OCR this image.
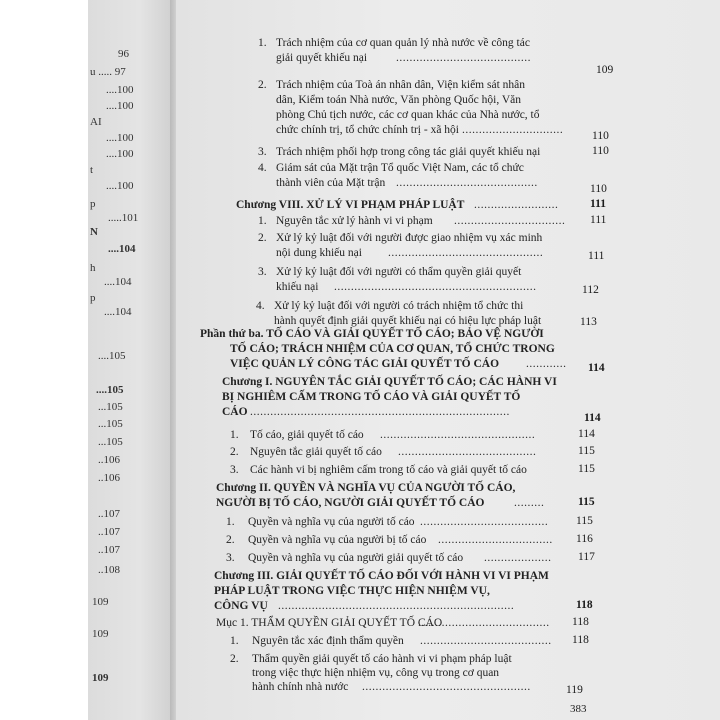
96
u ..... 97
....100
....100
AI
....100
....100
t
....100
p
.....101
N
....104
h
....104
p
....104
....105
....105
...105
...105
...105
..106
..106
..107
..107
..107
..108
109
109
109
1. Trách nhiệm của cơ quan quản lý nhà nước về công tác
giải quyết khiếu nại	........................................
109
2. Trách nhiệm của Toà án nhân dân, Viện kiểm sát nhân
dân, Kiểm toán Nhà nước, Văn phòng Quốc hội, Văn
phòng Chủ tịch nước, các cơ quan khác của Nhà nước, tổ
chức chính trị, tổ chức chính trị - xã hội ..............................	110
3. Trách nhiệm phối hợp trong công tác giải quyết khiếu nại	110
4. Giám sát của Mặt trận Tổ quốc Việt Nam, các tổ chức
thành viên của Mặt trận ..........................................	110
Chương VIII. XỬ LÝ VI PHẠM PHÁP LUẬT .........................	111
1. Nguyên tắc xử lý hành vi vi phạm ................................. 111
2. Xử lý kỷ luật đối với người được giao nhiệm vụ xác minh
nội dung khiếu nại ..............................................	111
3. Xử lý kỷ luật đối với người có thẩm quyền giải quyết
khiếu nại ............................................................	112
4. Xử lý kỷ luật đối với người có trách nhiệm tổ chức thi
hành quyết định giải quyết khiếu nại có hiệu lực pháp luật	113
Phần thứ ba. TỐ CÁO VÀ GIẢI QUYẾT TỐ CÁO; BẢO VỆ NGƯỜI
TỐ CÁO; TRÁCH NHIỆM CỦA CƠ QUAN, TỔ CHỨC TRONG
VIỆC QUẢN LÝ CÔNG TÁC GIẢI QUYẾT TỐ CÁO ............ 114
Chương I. NGUYÊN TẮC GIẢI QUYẾT TỐ CÁO; CÁC HÀNH VI
BỊ NGHIÊM CẤM TRONG TỐ CÁO VÀ GIẢI QUYẾT TỐ
CÁO .............................................................................	114
1. Tố cáo, giải quyết tố cáo ..............................................	114
2. Nguyên tắc giải quyết tố cáo .........................................	115
3. Các hành vi bị nghiêm cấm trong tố cáo và giải quyết tố cáo	115
Chương II. QUYỀN VÀ NGHĨA VỤ CỦA NGƯỜI TỐ CÁO,
NGƯỜI BỊ TỐ CÁO, NGƯỜI GIẢI QUYẾT TỐ CÁO	.........	115
1. Quyền và nghĩa vụ của người tố cáo ...................................... 115
2. Quyền và nghĩa vụ của người bị tố cáo .................................. 116
3. Quyền và nghĩa vụ của người giải quyết tố cáo .................... 117
Chương III. GIẢI QUYẾT TỐ CÁO ĐỐI VỚI HÀNH VI VI PHẠM
PHÁP LUẬT TRONG VIỆC THỰC HIỆN NHIỆM VỤ,
CÔNG VỤ ......................................................................	118
Mục 1. THẨM QUYỀN GIẢI QUYẾT TỐ CÁO
....................................... 118
1. Nguyên tắc xác định thẩm quyền ....................................... 118
2. Thẩm quyền giải quyết tố cáo hành vi vi phạm pháp luật
trong việc thực hiện nhiệm vụ, công vụ trong cơ quan
hành chính nhà nước ..................................................	119
383
